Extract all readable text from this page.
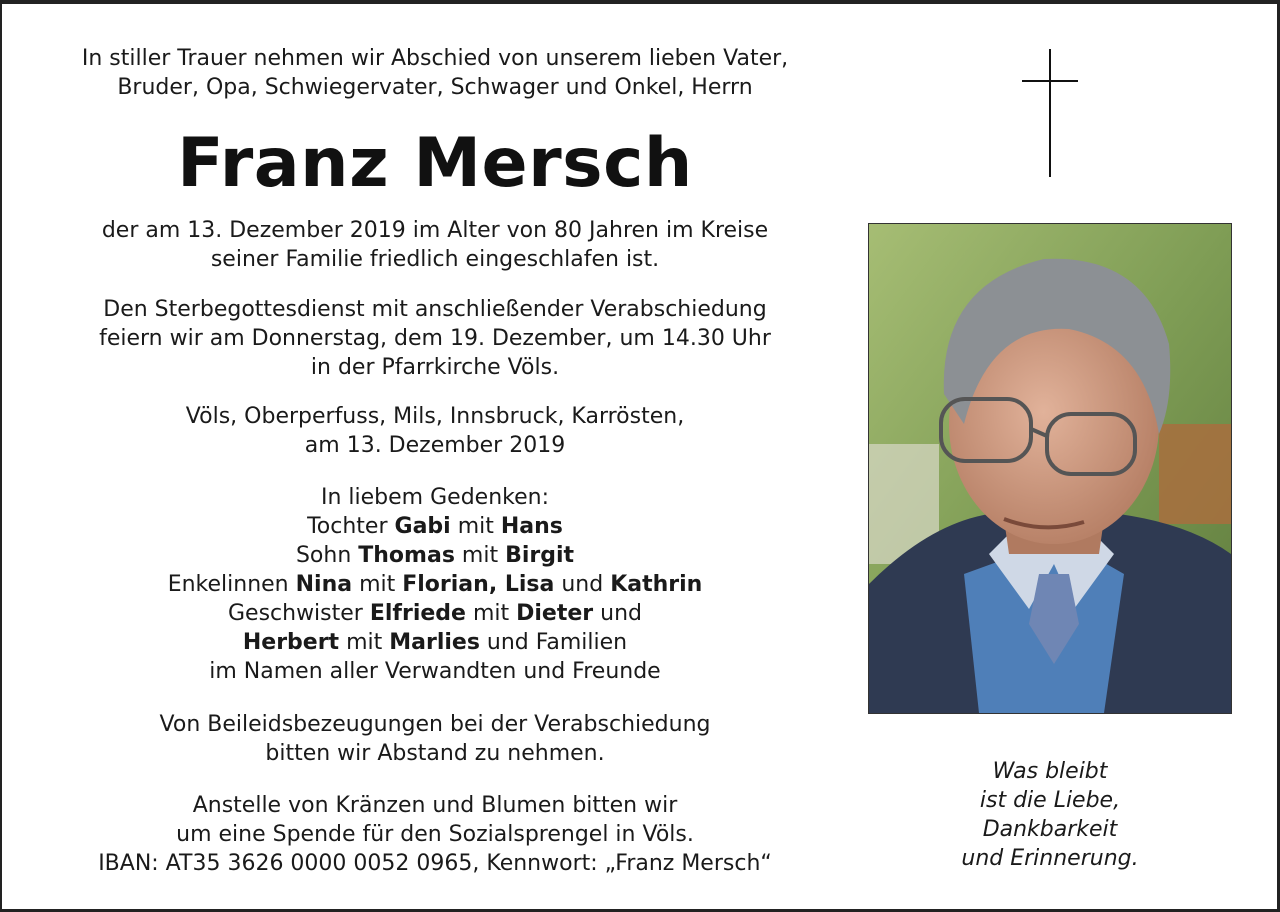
In stiller Trauer nehmen wir Abschied von unserem lieben Vater,

Bruder, Opa, Schwiegervater, Schwager und Onkel, Herrn

Franz Mersch

der am 13. Dezember 2019 im Alter von 80 Jahren im Kreise

seiner Familie friedlich eingeschlafen ist.

Den Sterbegottesdienst mit anschließender Verabschiedung

feiern wir am Donnerstag, dem 19. Dezember, um 14.30 Uhr

in der Pfarrkirche Völs.

Völs, Oberperfuss, Mils, Innsbruck, Karrösten,

am 13. Dezember 2019

In liebem Gedenken:

Tochter Gabi mit Hans

Sohn Thomas mit Birgit

Enkelinnen Nina mit Florian, Lisa und Kathrin

Geschwister Elfriede mit Dieter und

Herbert mit Marlies und Familien

im Namen aller Verwandten und Freunde

Von Beileidsbezeugungen bei der Verabschiedung

bitten wir Abstand zu nehmen.

Anstelle von Kränzen und Blumen bitten wir

um eine Spende für den Sozialsprengel in Völs.

IBAN: AT35 3626 0000 0052 0965, Kennwort: „Franz Mersch“

Was bleibt
ist die Liebe,
Dankbarkeit
und Erinnerung.
